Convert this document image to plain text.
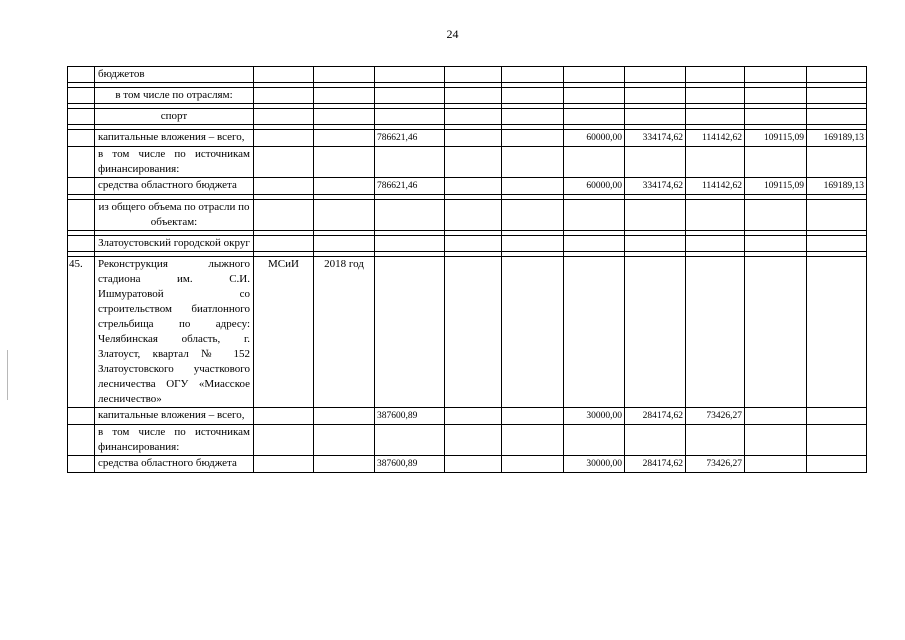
24
	бюджетов										

	в том числе по отраслям:										

	спорт										

	капитальные вложения – всего,			786621,46			60000,00	334174,62	114142,62	109115,09	169189,13
	в том числе по источникам финансирования:										
	средства областного бюджета			786621,46			60000,00	334174,62	114142,62	109115,09	169189,13

	из общего объема по отрасли по объектам:										

	Златоустовский городской округ										

45.	Реконструкция лыжного стадиона им. С.И. Ишмуратовой со строительством биатлонного стрельбища по адресу: Челябинская область, г. Златоуст, квартал № 152 Златоустовского участкового лесничества ОГУ «Миасское лесничество»	МСиИ	2018 год								
	капитальные вложения – всего,			387600,89			30000,00	284174,62	73426,27		
	в том числе по источникам финансирования:										
	средства областного бюджета			387600,89			30000,00	284174,62	73426,27		
